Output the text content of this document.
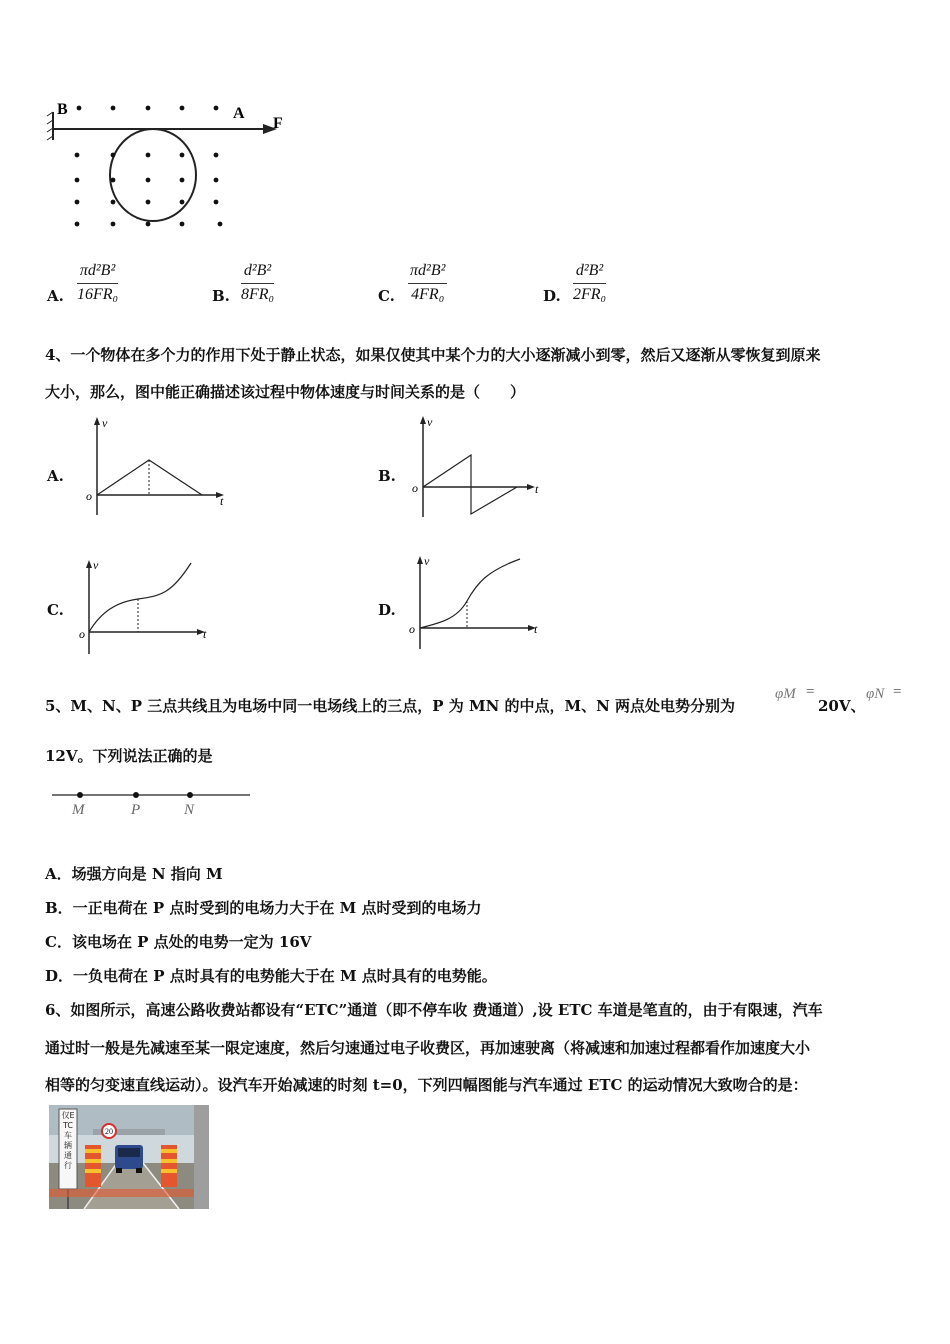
B	A
F
A. $\frac{\text{πd²B²}}{\text{16FR₀}}$	B. $\frac{\text{d²B²}}{\text{8FR₀}}$	C. $\frac{\text{πd²B²}}{\text{4FR₀}}$	D. $\frac{\text{d²B²}}{\text{2FR₀}}$
4、一个物体在多个力的作用下处于静止状态，如果仅使其中某个力的大小逐渐减小到零，然后又逐渐从零恢复到原来
大小，那么，图中能正确描述该过程中物体速度与时间关系的是（　　）
A.
v
o	t
B.
v
o	t
C.
v
o	t
D.
v
o	t
5、M、N、P 三点共线且为电场中同一电场线上的三点，P 为 MN 的中点，M、N 两点处电势分别为
φM =
20V、
φN =
12V。下列说法正确的是
M	P	N
A．场强方向是 N 指向 M
B．一正电荷在 P 点时受到的电场力大于在 M 点时受到的电场力
C．该电场在 P 点处的电势一定为 16V
D．一负电荷在 P 点时具有的电势能大于在 M 点时具有的电势能。
6、如图所示，高速公路收费站都设有“ETC”通道（即不停车收 费通道）,设 ETC 车道是笔直的，由于有限速，汽车
通过时一般是先减速至某一限定速度，然后匀速通过电子收费区，再加速驶离（将减速和加速过程都看作加速度大小
相等的匀变速直线运动）。设汽车开始减速的时刻 t=0，下列四幅图能与汽车通过 ETC 的运动情况大致吻合的是：
20
仅ETC车辆通行
